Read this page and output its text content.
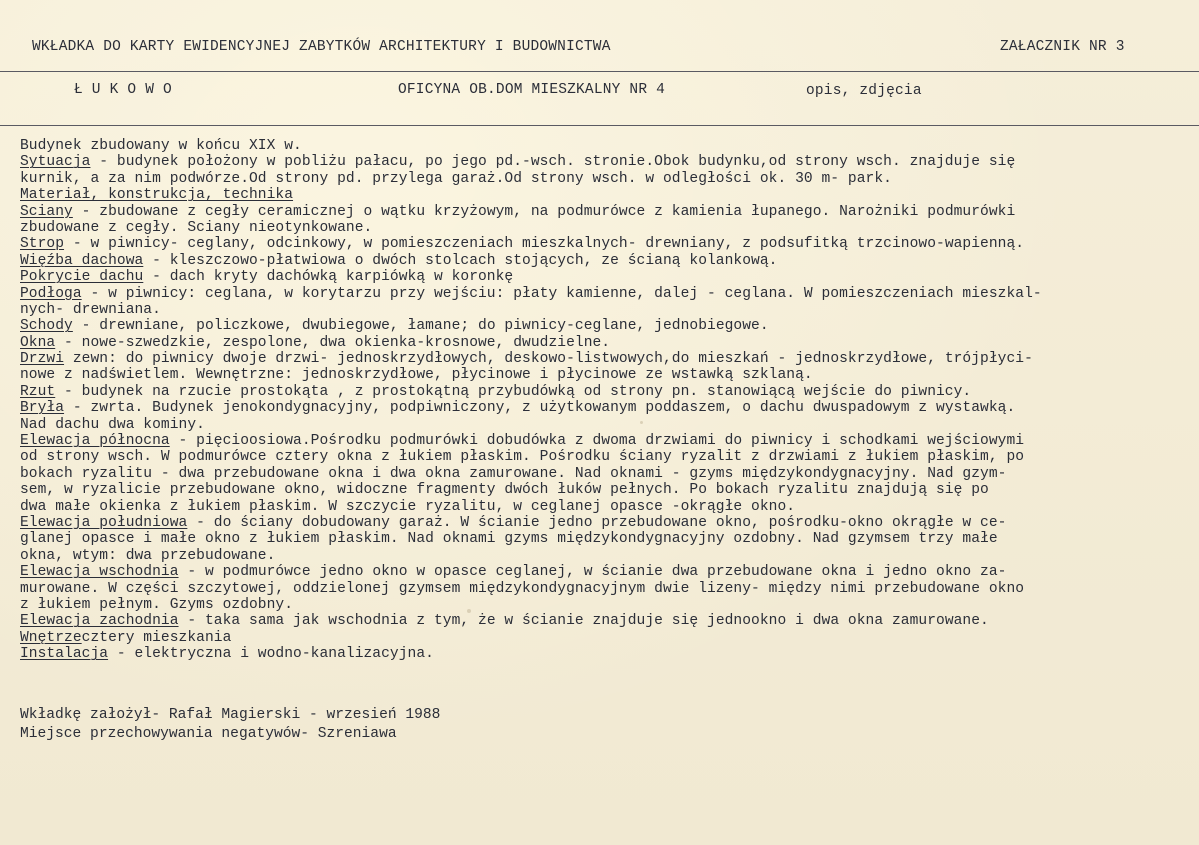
WKŁADKA DO KARTY EWIDENCYJNEJ ZABYTKÓW ARCHITEKTURY I BUDOWNICTWA	ZAŁACZNIK NR 3
Ł U K O W O	OFICYNA OB.DOM MIESZKALNY NR 4	opis, zdjęcia
Budynek zbudowany w końcu XIX w.
Sytuacja - budynek położony w pobliżu pałacu, po jego pd.-wsch. stronie.Obok budynku,od strony wsch. znajduje się
kurnik, a za nim podwórze.Od strony pd. przylega garaż.Od strony wsch. w odległości ok. 30 m- park.
Materiał, konstrukcja, technika
Sciany - zbudowane z cegły ceramicznej o wątku krzyżowym, na podmurówce z kamienia łupanego. Narożniki podmurówki
zbudowane z cegły. Sciany nieotynkowane.
Strop - w piwnicy- ceglany, odcinkowy, w pomieszczeniach mieszkalnych- drewniany, z podsufitką trzcinowo-wapienną.
Więźba dachowa - kleszczowo-płatwiowa o dwóch stolcach stojących, ze ścianą kolankową.
Pokrycie dachu - dach kryty dachówką karpiówką w koronkę
Podłoga - w piwnicy: ceglana, w korytarzu przy wejściu: płaty kamienne, dalej - ceglana. W pomieszczeniach mieszkal-
nych- drewniana.
Schody - drewniane, policzkowe, dwubiegowe, łamane; do piwnicy-ceglane, jednobiegowe.
Okna - nowe-szwedzkie, zespolone, dwa okienka-krosnowe, dwudzielne.
Drzwi zewn: do piwnicy dwoje drzwi- jednoskrzydłowych, deskowo-listwowych,do mieszkań - jednoskrzydłowe, trójpłyci-
nowe z nadświetlem. Wewnętrzne: jednoskrzydłowe, płycinowe i płycinowe ze wstawką szklaną.
Rzut - budynek na rzucie prostokąta , z prostokątną przybudówką od strony pn. stanowiącą wejście do piwnicy.
Bryła - zwrta. Budynek jenokondygnacyjny, podpiwniczony, z użytkowanym poddaszem, o dachu dwuspadowym z wystawką.
Nad dachu dwa kominy.
Elewacja północna - pięcioosiowa.Pośrodku podmurówki dobudówka z dwoma drzwiami do piwnicy i schodkami wejściowymi
od strony wsch. W podmurówce cztery okna z łukiem płaskim. Pośrodku ściany ryzalit z drzwiami z łukiem płaskim, po
bokach ryzalitu - dwa przebudowane okna i dwa okna zamurowane. Nad oknami - gzyms międzykondygnacyjny. Nad gzym-
sem, w ryzalicie przebudowane okno, widoczne fragmenty dwóch łuków pełnych. Po bokach ryzalitu znajdują się po
dwa małe okienka z łukiem płaskim. W szczycie ryzalitu, w ceglanej opasce -okrągłe okno.
Elewacja południowa - do ściany dobudowany garaż. W ścianie jedno przebudowane okno, pośrodku-okno okrągłe w ce-
glanej opasce i małe okno z łukiem płaskim. Nad oknami gzyms międzykondygnacyjny ozdobny. Nad gzymsem trzy małe
okna, wtym: dwa przebudowane.
Elewacja wschodnia - w podmurówce jedno okno w opasce ceglanej, w ścianie dwa przebudowane okna i jedno okno za-
murowane. W części szczytowej, oddzielonej gzymsem międzykondygnacyjnym dwie lizeny- między nimi przebudowane okno
z łukiem pełnym. Gzyms ozdobny.
Elewacja zachodnia - taka sama jak wschodnia z tym, że w ścianie znajduje się jednookno i dwa okna zamurowane.
Wnętrzecztery mieszkania
Instalacja - elektryczna i wodno-kanalizacyjna.
Wkładkę założył- Rafał Magierski - wrzesień 1988
Miejsce przechowywania negatywów- Szreniawa
